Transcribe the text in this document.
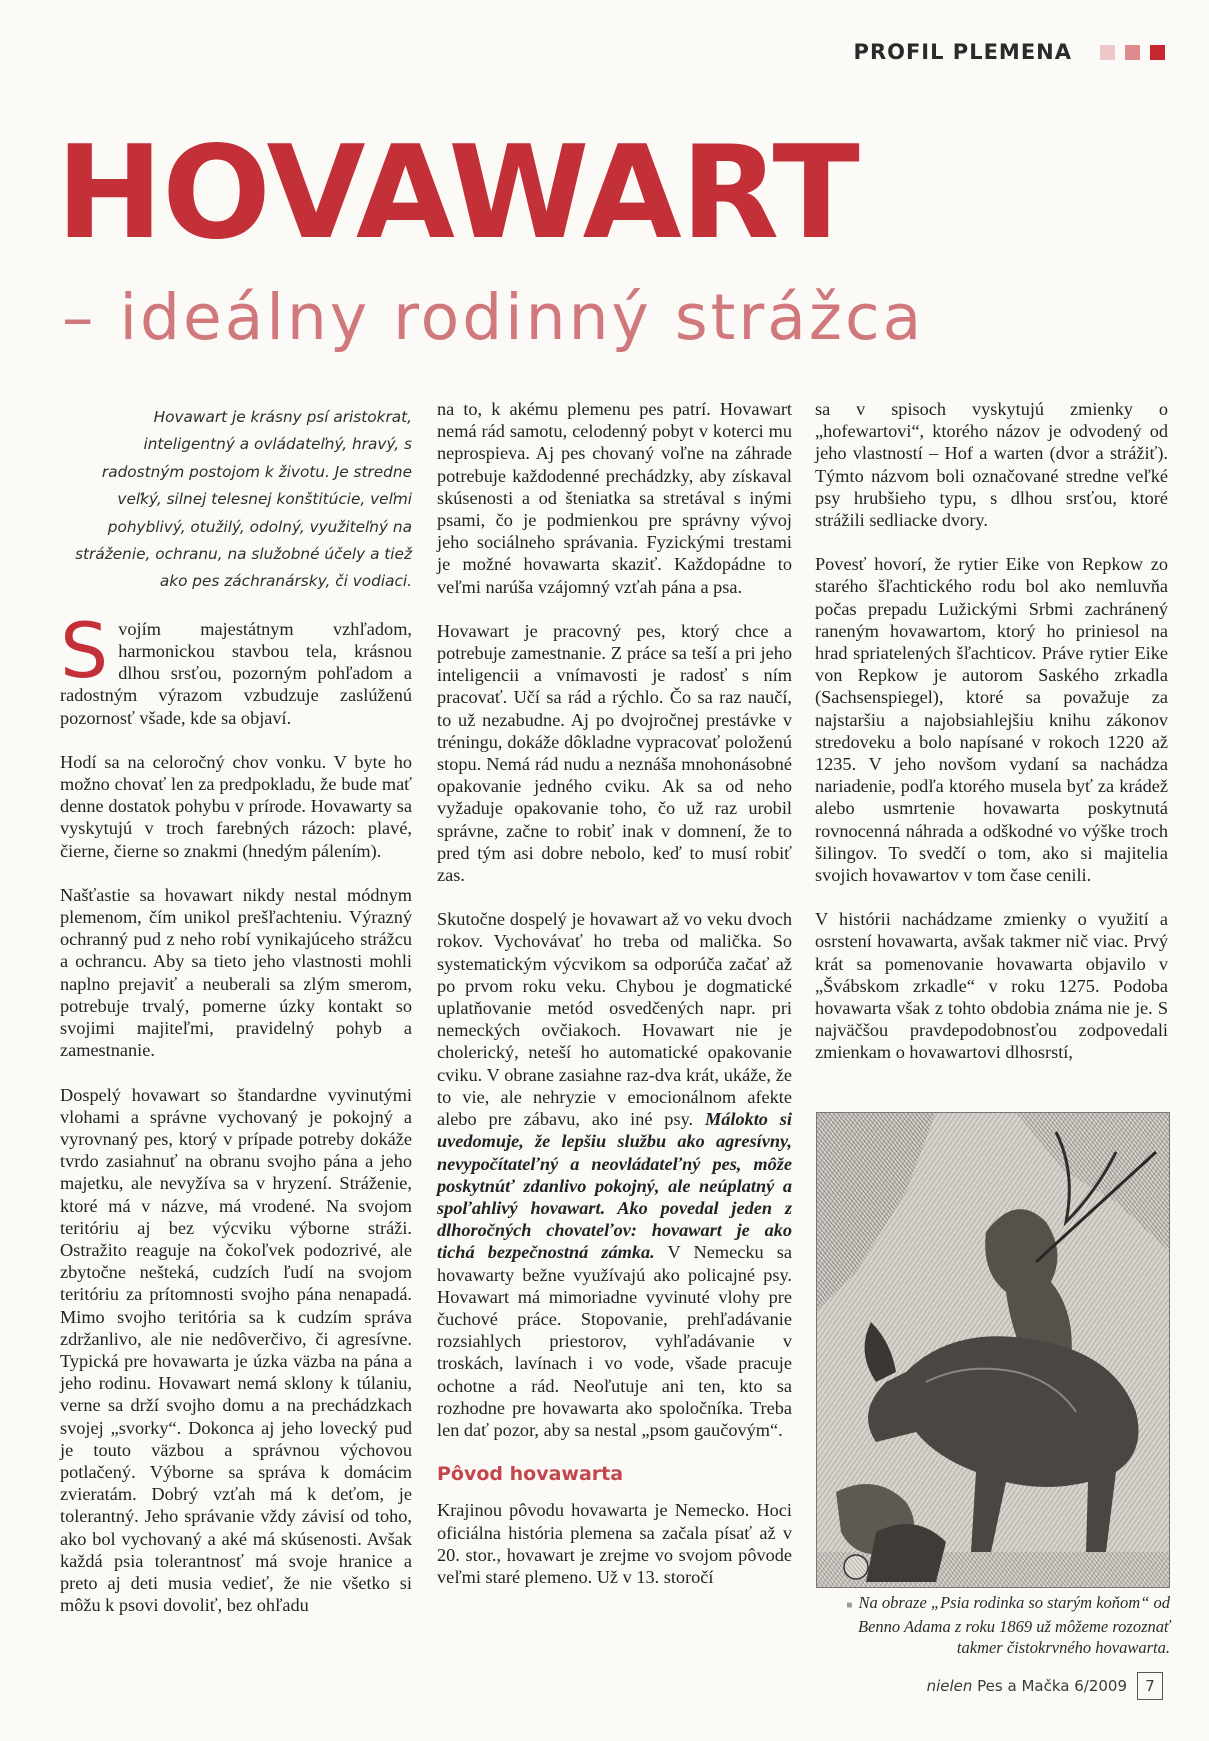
PROFIL PLEMENA
HOVAWART
– ideálny rodinný strážca

Hovawart je krásny psí aristokrat, inteligentný a ovládateľný, hravý, s radostným postojom k životu. Je stredne veľký, silnej telesnej konštitúcie, veľmi pohyblivý, otužilý, odolný, využiteľný na stráženie, ochranu, na služobné účely a tiež ako pes záchranársky, či vodiaci.

Svojím majestátnym vzhľadom, harmonickou stavbou tela, krásnou dlhou srsťou, pozorným pohľadom a radostným výrazom vzbudzuje zaslúženú pozornosť všade, kde sa objaví.

Hodí sa na celoročný chov vonku. V byte ho možno chovať len za predpokladu, že bude mať denne dostatok pohybu v prírode. Hovawarty sa vyskytujú v troch farebných rázoch: plavé, čierne, čierne so znakmi (hnedým pálením).

Našťastie sa hovawart nikdy nestal módnym plemenom, čím unikol prešľachteniu. Výrazný ochranný pud z neho robí vynikajúceho strážcu a ochrancu. Aby sa tieto jeho vlastnosti mohli naplno prejaviť a neuberali sa zlým smerom, potrebuje trvalý, pomerne úzky kontakt so svojimi majiteľmi, pravidelný pohyb a zamestnanie.

Dospelý hovawart so štandardne vyvinutými vlohami a správne vychovaný je pokojný a vyrovnaný pes, ktorý v prípade potreby dokáže tvrdo zasiahnuť na obranu svojho pána a jeho majetku, ale nevyžíva sa v hryzení. Stráženie, ktoré má v názve, má vrodené. Na svojom teritóriu aj bez výcviku výborne stráži. Ostražito reaguje na čokoľvek podozrivé, ale zbytočne nešteká, cudzích ľudí na svojom teritóriu za prítomnosti svojho pána nenapadá. Mimo svojho teritória sa k cudzím správa zdržanlivo, ale nie nedôverčivo, či agresívne. Typická pre hovawarta je úzka väzba na pána a jeho rodinu. Hovawart nemá sklony k túlaniu, verne sa drží svojho domu a na prechádzkach svojej „svorky“. Dokonca aj jeho lovecký pud je touto väzbou a správnou výchovou potlačený. Výborne sa správa k domácim zvieratám. Dobrý vzťah má k deťom, je tolerantný. Jeho správanie vždy závisí od toho, ako bol vychovaný a aké má skúsenosti. Avšak každá psia tolerantnosť má svoje hranice a preto aj deti musia vedieť, že nie všetko si môžu k psovi dovoliť, bez ohľadu

na to, k akému plemenu pes patrí. Hovawart nemá rád samotu, celodenný pobyt v koterci mu neprospieva. Aj pes chovaný voľne na záhrade potrebuje každodenné prechádzky, aby získaval skúsenosti a od šteniatka sa stretával s inými psami, čo je podmienkou pre správny vývoj jeho sociálneho správania. Fyzickými trestami je možné hovawarta skaziť. Každopádne to veľmi narúša vzájomný vzťah pána a psa.

Hovawart je pracovný pes, ktorý chce a potrebuje zamestnanie. Z práce sa teší a pri jeho inteligencii a vnímavosti je radosť s ním pracovať. Učí sa rád a rýchlo. Čo sa raz naučí, to už nezabudne. Aj po dvojročnej prestávke v tréningu, dokáže dôkladne vypracovať položenú stopu. Nemá rád nudu a neznáša mnohonásobné opakovanie jedného cviku. Ak sa od neho vyžaduje opakovanie toho, čo už raz urobil správne, začne to robiť inak v domnení, že to pred tým asi dobre nebolo, keď to musí robiť zas.

Skutočne dospelý je hovawart až vo veku dvoch rokov. Vychovávať ho treba od malička. So systematickým výcvikom sa odporúča začať až po prvom roku veku. Chybou je dogmatické uplatňovanie metód osvedčených napr. pri nemeckých ovčiakoch. Hovawart nie je cholerický, neteší ho automatické opakovanie cviku. V obrane zasiahne raz-dva krát, ukáže, že to vie, ale nehryzie v emocionálnom afekte alebo pre zábavu, ako iné psy. Málokto si uvedomuje, že lepšiu službu ako agresívny, nevypočítateľný a neovládateľný pes, môže poskytnúť zdanlivo pokojný, ale neúplatný a spoľahlivý hovawart. Ako povedal jeden z dlhoročných chovateľov: hovawart je ako tichá bezpečnostná zámka. V Nemecku sa hovawarty bežne využívajú ako policajné psy. Hovawart má mimoriadne vyvinuté vlohy pre čuchové práce. Stopovanie, prehľadávanie rozsiahlych priestorov, vyhľadávanie v troskách, lavínach i vo vode, všade pracuje ochotne a rád. Neoľutuje ani ten, kto sa rozhodne pre hovawarta ako spoločníka. Treba len dať pozor, aby sa nestal „psom gaučovým“.

Pôvod hovawarta

Krajinou pôvodu hovawarta je Nemecko. Hoci oficiálna história plemena sa začala písať až v 20. stor., hovawart je zrejme vo svojom pôvode veľmi staré plemeno. Už v 13. storočí

sa v spisoch vyskytujú zmienky o „hofewartovi“, ktorého názov je odvodený od jeho vlastností – Hof a warten (dvor a strážiť). Týmto názvom boli označované stredne veľké psy hrubšieho typu, s dlhou srsťou, ktoré strážili sedliacke dvory.

Povesť hovorí, že rytier Eike von Repkow zo starého šľachtického rodu bol ako nemluvňa počas prepadu Lužickými Srbmi zachránený raneným hovawartom, ktorý ho priniesol na hrad spriatelených šľachticov. Práve rytier Eike von Repkow je autorom Saského zrkadla (Sachsenspiegel), ktoré sa považuje za najstaršiu a najobsiahlejšiu knihu zákonov stredoveku a bolo napísané v rokoch 1220 až 1235. V jeho novšom vydaní sa nachádza nariadenie, podľa ktorého musela byť za krádež alebo usmrtenie hovawarta poskytnutá rovnocenná náhrada a odškodné vo výške troch šilingov. To svedčí o tom, ako si majitelia svojich hovawartov v tom čase cenili.

V histórii nachádzame zmienky o využití a osrstení hovawarta, avšak takmer nič viac. Prvý krát sa pomenovanie hovawarta objavilo v „Švábskom zrkadle“ v roku 1275. Podoba hovawarta však z tohto obdobia známa nie je. S najväčšou pravdepodobnosťou zodpovedali zmienkam o hovawartovi dlhosrstí,

■ Na obraze „Psia rodinka so starým koňom“ od Benno Adama z roku 1869 už môžeme rozoznať takmer čistokrvného hovawarta.
nielen Pes a Mačka 6/2009	7
